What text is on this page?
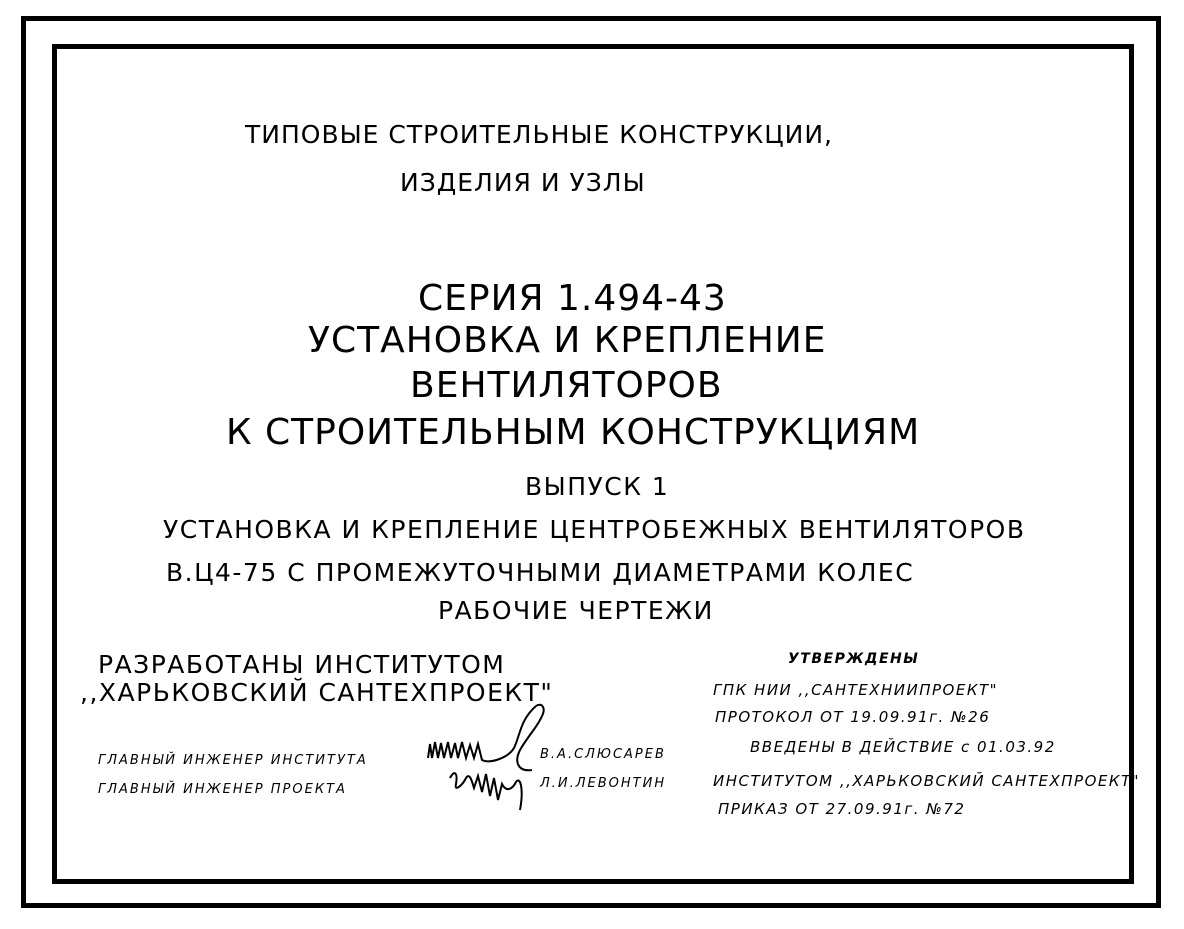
ТИПОВЫЕ СТРОИТЕЛЬНЫЕ КОНСТРУКЦИИ,
ИЗДЕЛИЯ И УЗЛЫ
СЕРИЯ 1.494-43
УСТАНОВКА И КРЕПЛЕНИЕ
ВЕНТИЛЯТОРОВ
К СТРОИТЕЛЬНЫМ КОНСТРУКЦИЯМ
ВЫПУСК 1
УСТАНОВКА И КРЕПЛЕНИЕ ЦЕНТРОБЕЖНЫХ ВЕНТИЛЯТОРОВ
В.Ц4-75 С ПРОМЕЖУТОЧНЫМИ ДИАМЕТРАМИ КОЛЕС
РАБОЧИЕ ЧЕРТЕЖИ
РАЗРАБОТАНЫ ИНСТИТУТОМ
,,ХАРЬКОВСКИЙ САНТЕХПРОЕКТ"
ГЛАВНЫЙ ИНЖЕНЕР ИНСТИТУТА	В.А.СЛЮСАРЕВ
ГЛАВНЫЙ ИНЖЕНЕР ПРОЕКТА	Л.И.ЛЕВОНТИН
УТВЕРЖДЕНЫ
ГПК НИИ ,,САНТЕХНИИПРОЕКТ"
ПРОТОКОЛ ОТ 19.09.91г. №26
ВВЕДЕНЫ В ДЕЙСТВИЕ с 01.03.92
ИНСТИТУТОМ ,,ХАРЬКОВСКИЙ САНТЕХПРОЕКТ"
ПРИКАЗ ОТ 27.09.91г. №72
